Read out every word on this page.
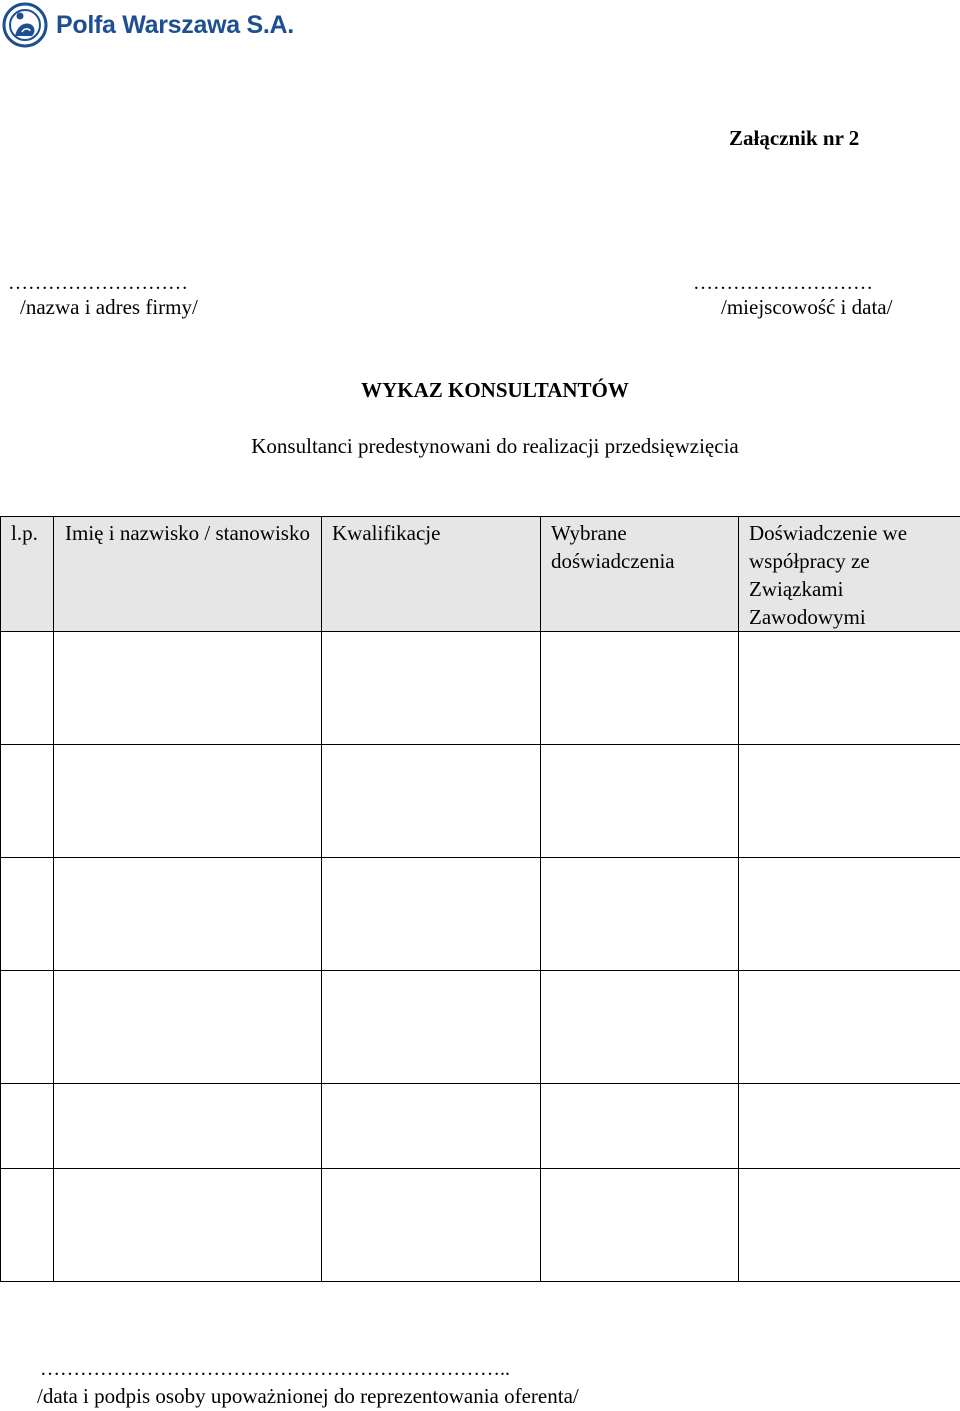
Polfa Warszawa S.A.
Załącznik nr 2
………………………
/nazwa i adres firmy/
………………………
/miejscowość i data/
WYKAZ KONSULTANTÓW
Konsultanci predestynowani do realizacji przedsięwzięcia
l.p.	Imię i nazwisko / stanowisko	Kwalifikacje	Wybrane doświadczenia	Doświadczenie we współpracy ze Związkami Zawodowymi

……………………………………………………………..
/data i podpis osoby upoważnionej do reprezentowania oferenta/
